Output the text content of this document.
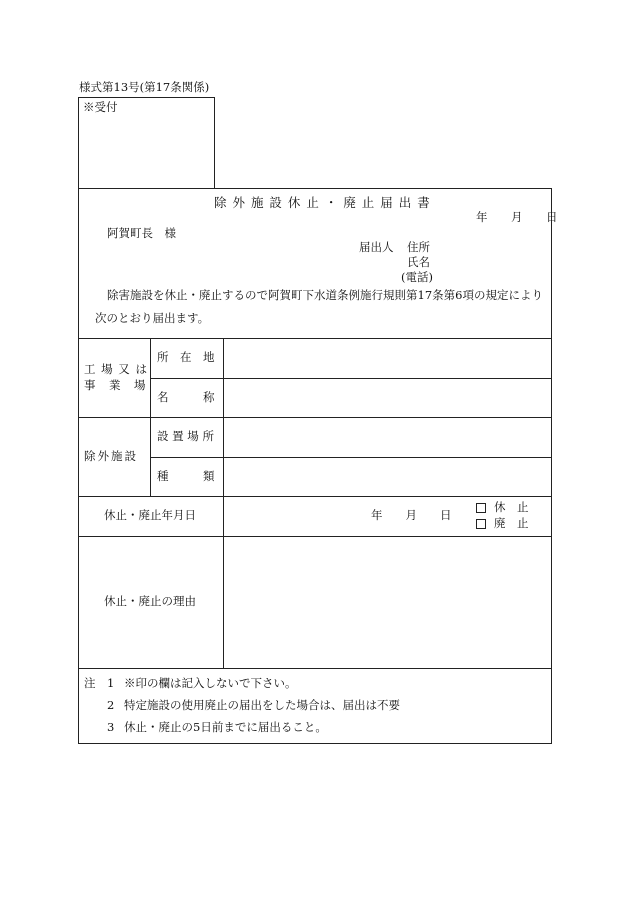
様式第13号(第17条関係)
※受付
除 外 施 設 休 止 ・ 廃 止 届 出 書
年　月　日
阿賀町長　様
届出人 住所
氏名
(電話)
除害施設を休止・廃止するので阿賀町下水道条例施行規則第17条第6項の規定により
次のとおり届出ます。
工 場 又 は
事　業　場
所　在　地
名　　　称
除外施設
設 置 場 所
種　　　類
休止・廃止年月日	年　　月　　日
休　止
廃　止
休止・廃止の理由
注　1 ※印の欄は記入しないで下さい。
2 特定施設の使用廃止の届出をした場合は、届出は不要
3 休止・廃止の5日前までに届出ること。
